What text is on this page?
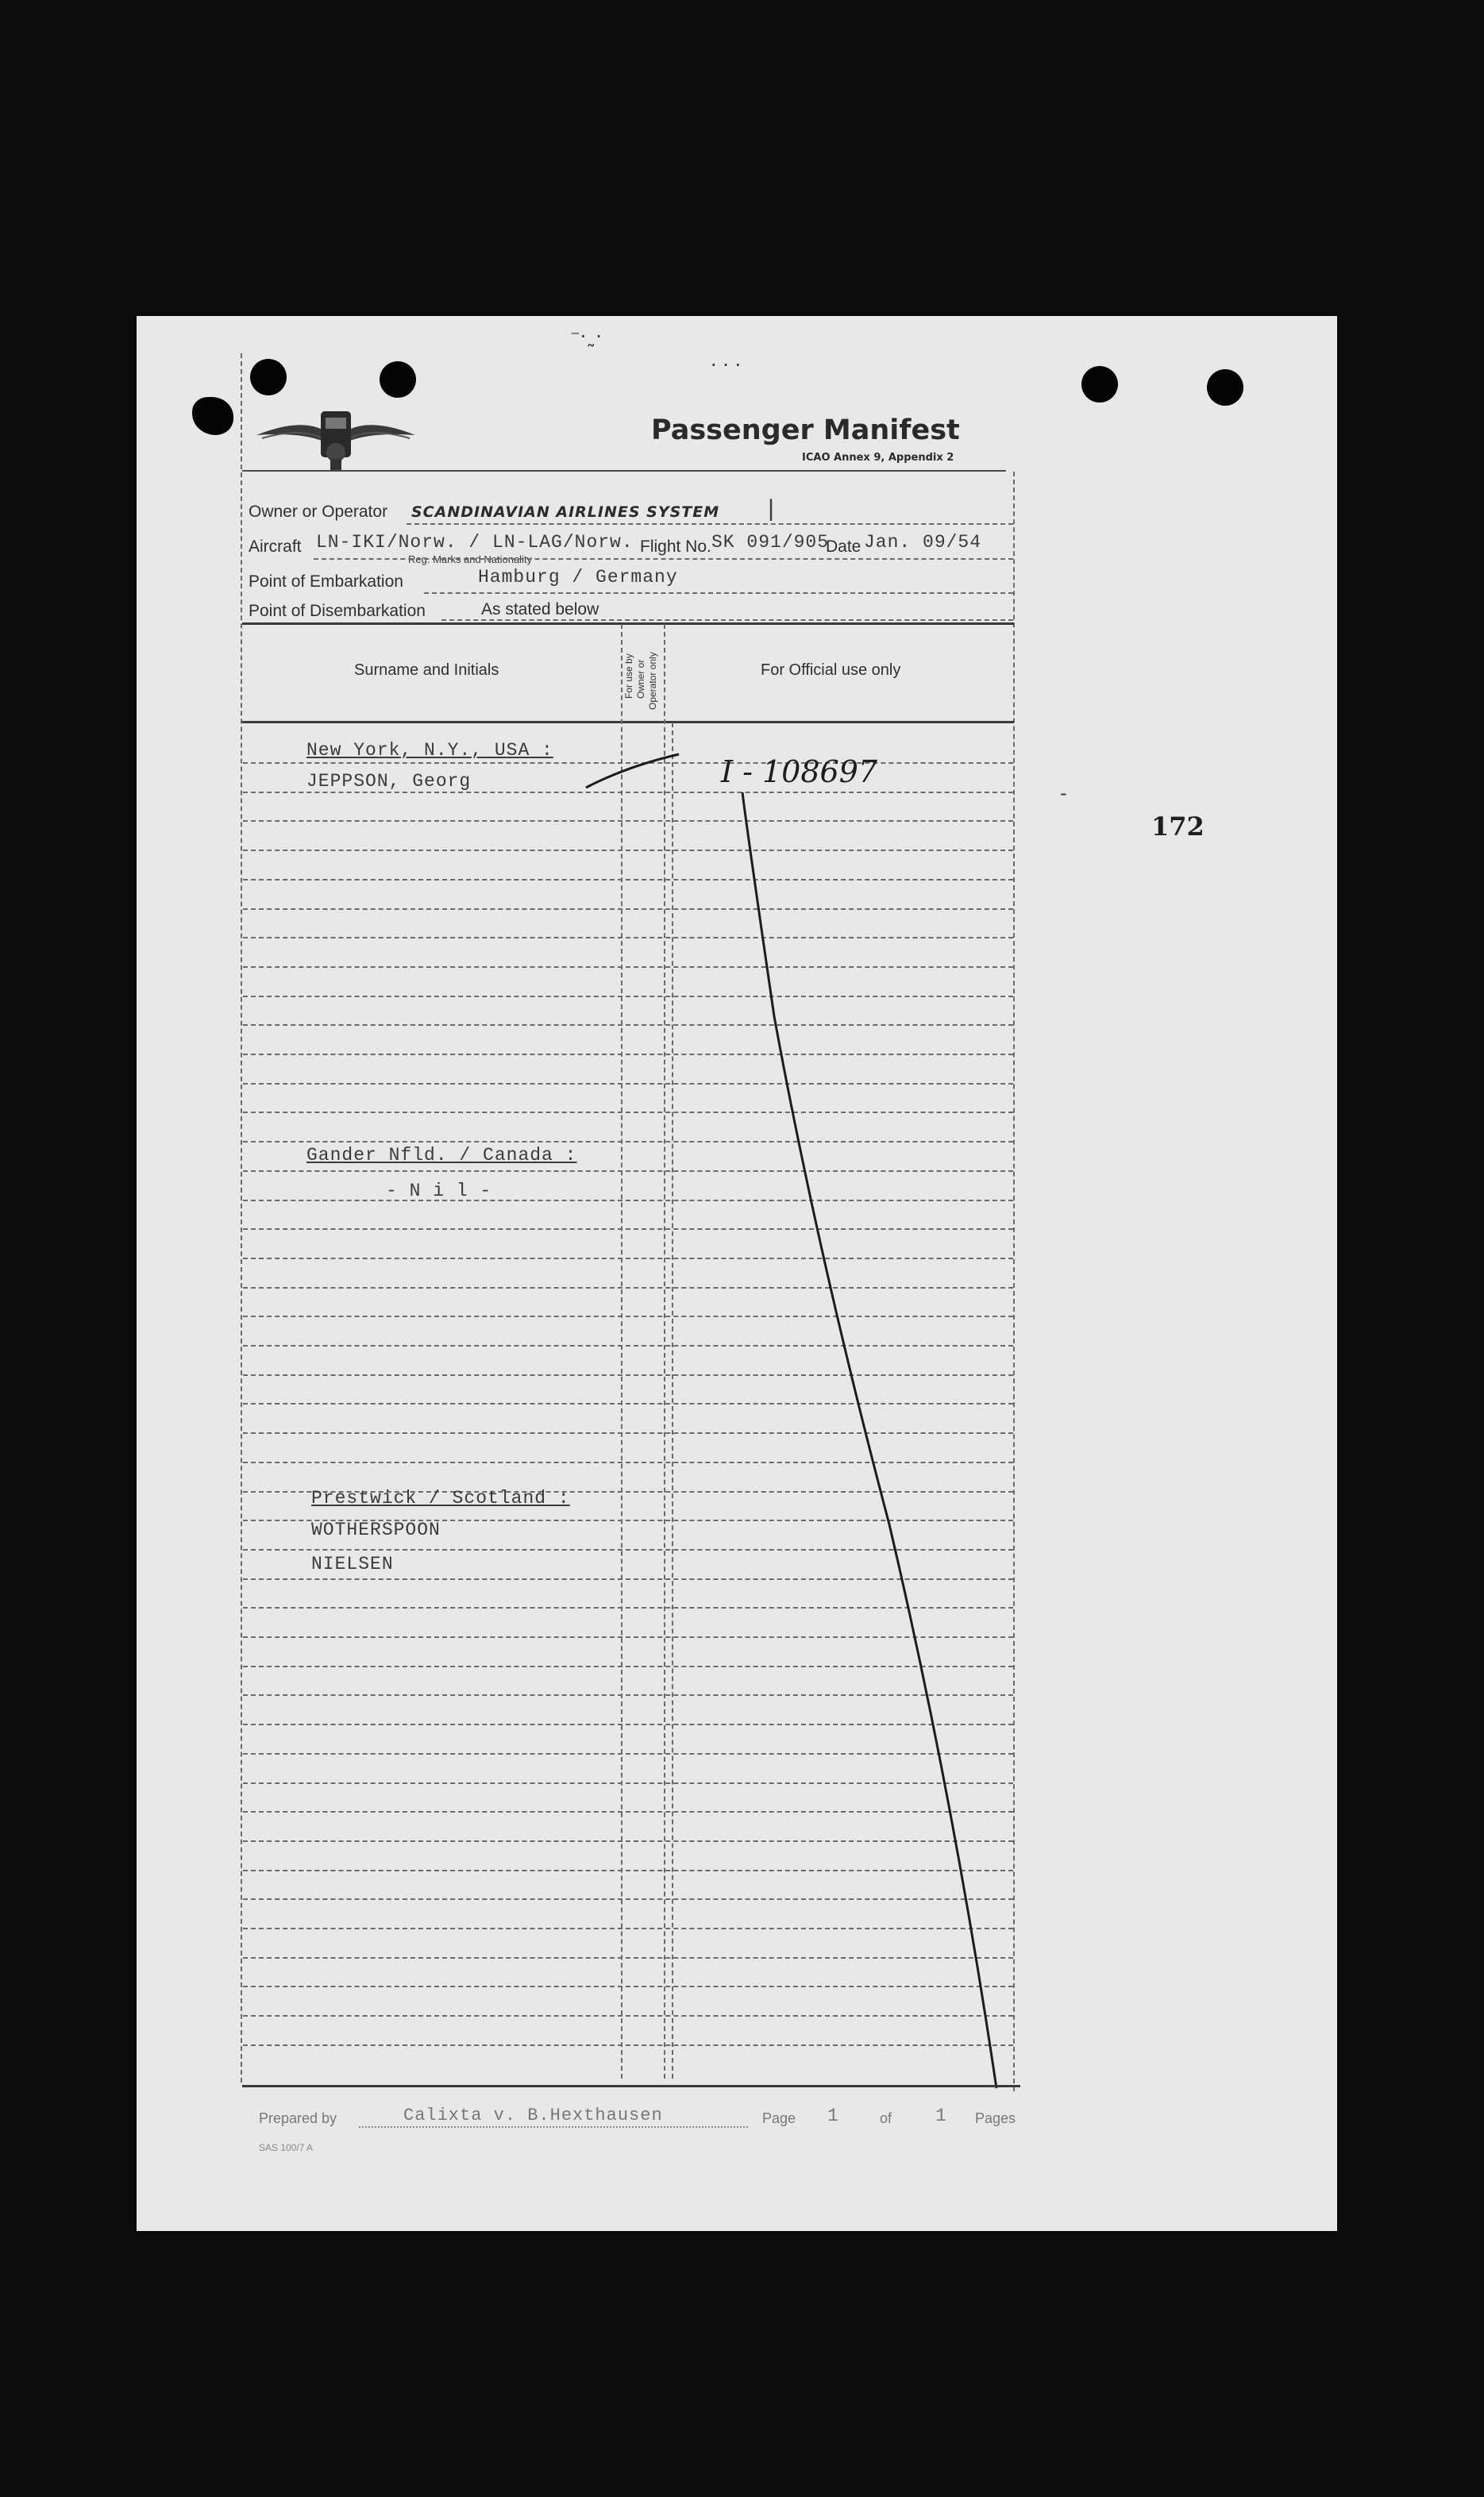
Passenger Manifest
ICAO Annex 9, Appendix 2
Owner or Operator SCANDINAVIAN AIRLINES SYSTEM |
Aircraft LN-IKI/Norw. / LN-LAG/Norw.
Reg. Marks and Nationality
Flight No. SK 091/905
Date Jan. 09/54
Point of Embarkation	Hamburg / Germany
Point of Disembarkation	As stated below
Surname and Initials	For use by Owner or Operator only	For Official use only
New York, N.Y., USA :
JEPPSON, Georg	I - 108697
Gander Nfld. / Canada :
- N i l -
Prestwick / Scotland :
WOTHERSPOON
NIELSEN
Prepared by	Calixta v. B.Hexthausen	Page 1	of 1 Pages
SAS 100/7 A
172
⁻·˷·
· · ·
-
